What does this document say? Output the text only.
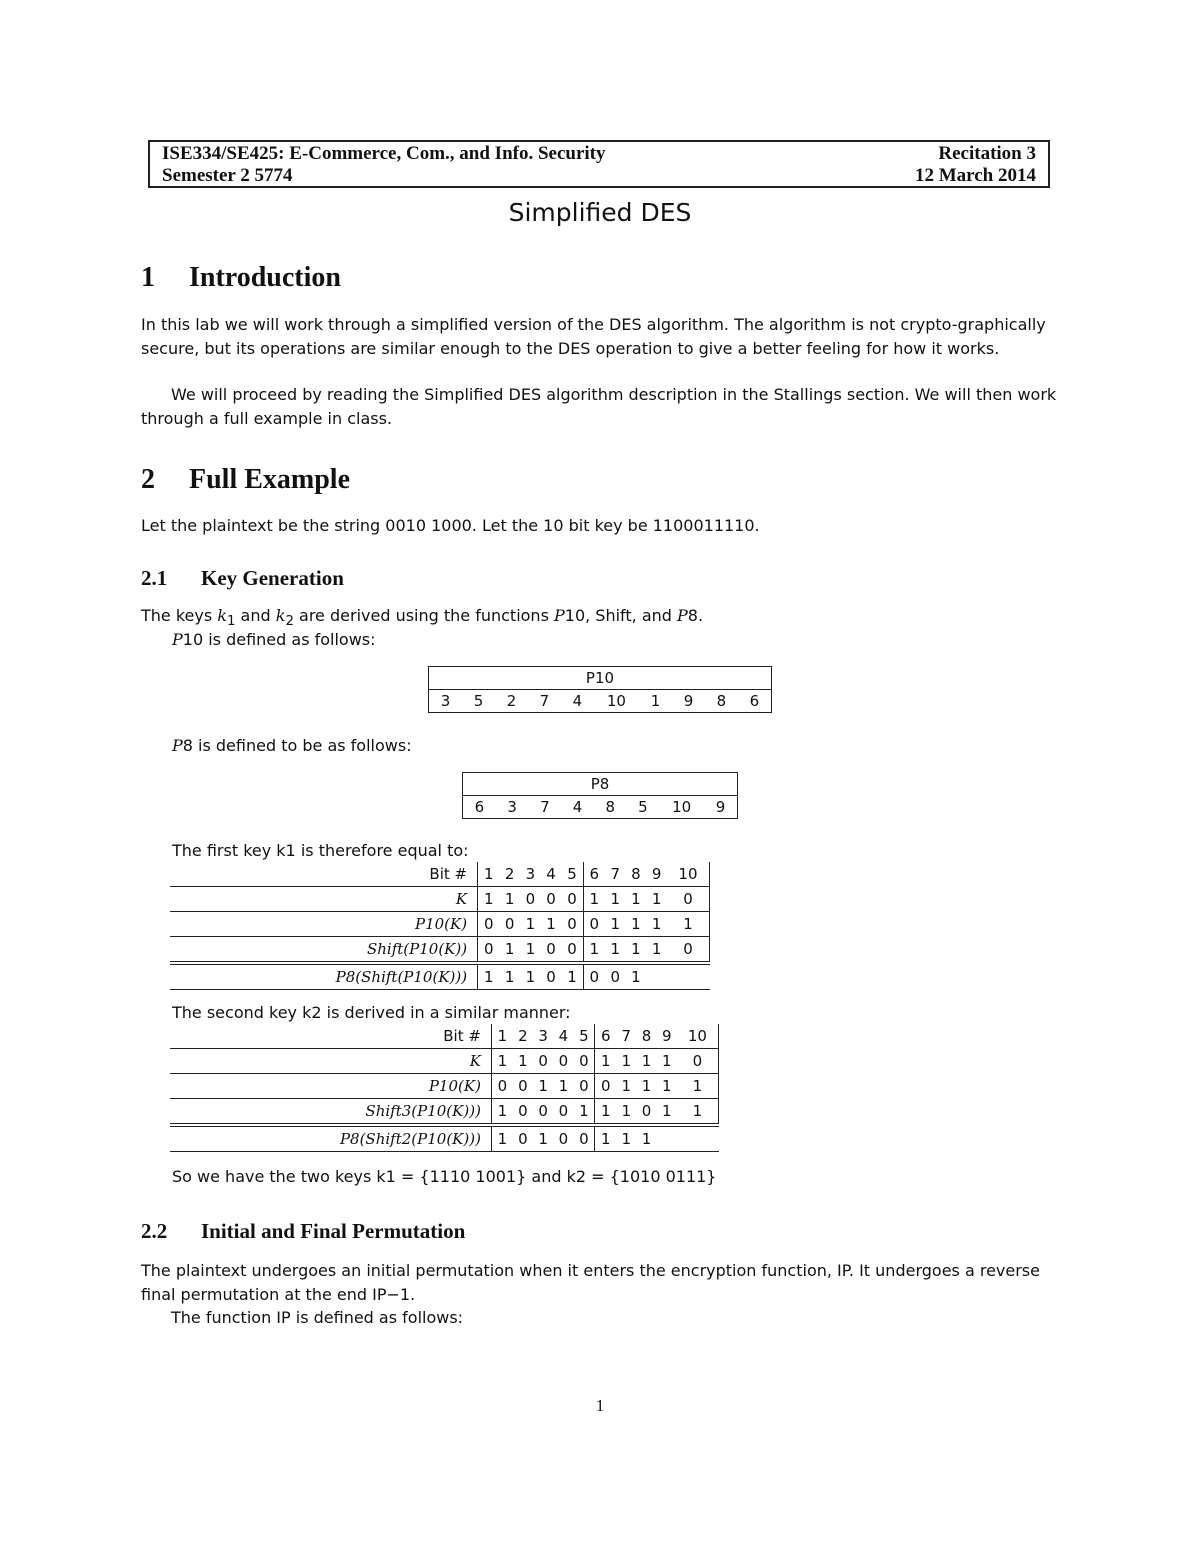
ISE334/SE425: E-Commerce, Com., and Info. Security	Recitation 3
Semester 2 5774	12 March 2014
Simplified DES
1 Introduction
In this lab we will work through a simplified version of the DES algorithm. The algorithm is not crypto-graphically secure, but its operations are similar enough to the DES operation to give a better feeling for how it works.
We will proceed by reading the Simplified DES algorithm description in the Stallings section. We will then work through a full example in class.
2 Full Example
Let the plaintext be the string 0010 1000. Let the 10 bit key be 1100011110.
2.1 Key Generation
The keys $k_1$ and $k_2$ are derived using the functions P10, Shift, and P8.
P10 is defined as follows:
P10
3	5	2	7	4	10	1	9	8	6
P8 is defined to be as follows:
P8
6	3	7	4	8	5	10	9
The first key k1 is therefore equal to:
Bit #	1	2	3	4	5	6	7	8	9	10
K	1	1	0	0	0	1	1	1	1	0
P10(K)	0	0	1	1	0	0	1	1	1	1
Shift(P10(K))	0	1	1	0	0	1	1	1	1	0
P8(Shift(P10(K)))	1	1	1	0	1	0	0	1		
The second key k2 is derived in a similar manner:
Bit #	1	2	3	4	5	6	7	8	9	10
K	1	1	0	0	0	1	1	1	1	0
P10(K)	0	0	1	1	0	0	1	1	1	1
Shift3(P10(K)))	1	0	0	0	1	1	1	0	1	1
P8(Shift2(P10(K)))	1	0	1	0	0	1	1	1		
So we have the two keys k1 = {1110 1001} and k2 = {1010 0111}
2.2 Initial and Final Permutation
The plaintext undergoes an initial permutation when it enters the encryption function, IP. It undergoes a reverse final permutation at the end IP−1.
The function IP is defined as follows:
1
